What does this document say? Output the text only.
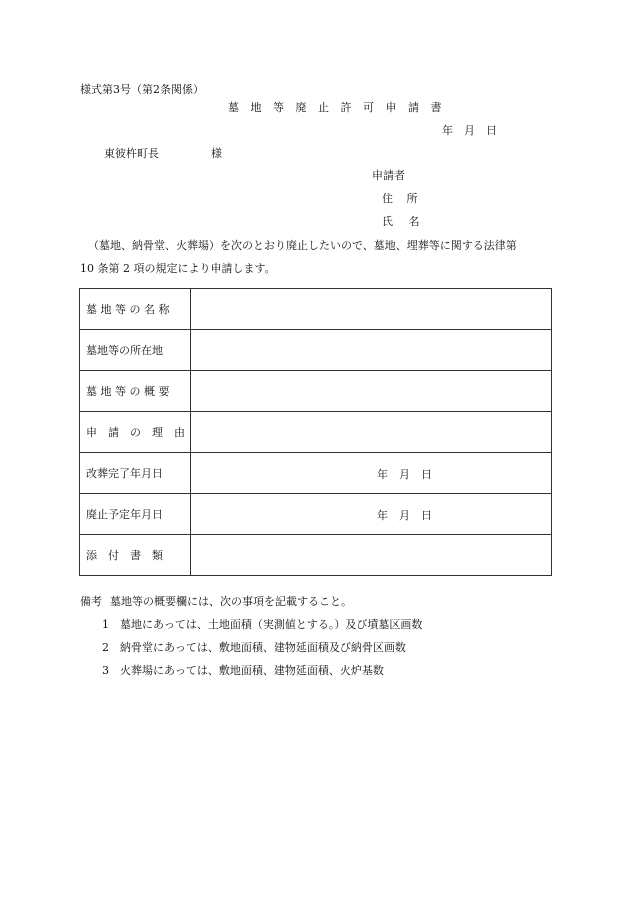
様式第3号（第2条関係）
墓 地 等 廃 止 許 可 申 請 書
年　月　日
東彼杵町長	様
申請者
住 所
氏 名
（墓地、納骨堂、火葬場）を次のとおり廃止したいので、墓地、埋葬等に関する法律第
10 条第 2 項の規定により申請します。
墓 地 等 の 名 称	
墓地等の所在地	
墓 地 等 の 概 要	
申　請　の　理　由	
改葬完了年月日	年　月　日

廃止予定年月日	年　月　日

添　付　書　類	
備考 墓地等の概要欄には、次の事項を記載すること。
1 墓地にあっては、土地面積（実測値とする。）及び墳墓区画数
2 納骨堂にあっては、敷地面積、建物延面積及び納骨区画数
3 火葬場にあっては、敷地面積、建物延面積、火炉基数
